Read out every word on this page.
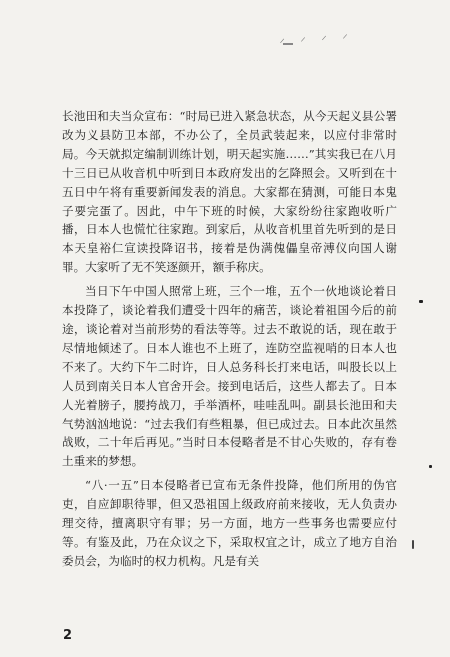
⸝ ⸝ ⸝ ⸝

长池田和夫当众宣布：“时局已进入紧急状态，从今天起义县公署改为义县防卫本部，不办公了，全员武装起来，以应付非常时局。今天就拟定编制训练计划，明天起实施……”其实我已在八月十三日已从收音机中听到日本政府发出的乞降照会。又听到在十五日中午将有重要新闻发表的消息。大家都在猜测，可能日本鬼子要完蛋了。因此，中午下班的时候，大家纷纷往家跑收听广播，日本人也慌忙往家跑。到家后，从收音机里首先听到的是日本天皇裕仁宣读投降诏书，接着是伪满傀儡皇帝溥仪向国人谢罪。大家听了无不笑逐颜开，额手称庆。

当日下午中国人照常上班，三个一堆，五个一伙地谈论着日本投降了，谈论着我们遭受十四年的痛苦，谈论着祖国今后的前途，谈论着对当前形势的看法等等。过去不敢说的话，现在敢于尽情地倾述了。日本人谁也不上班了，连防空监视哨的日本人也不来了。大约下午二时许，日人总务科长打来电话，叫股长以上人员到南关日本人官舍开会。接到电话后，这些人都去了。日本人光着膀子，腰挎战刀，手举酒杯，哇哇乱叫。副县长池田和夫气势汹汹地说：“过去我们有些粗暴，但已成过去。日本此次虽然战败，二十年后再见。”当时日本侵略者是不甘心失败的，存有卷土重来的梦想。

“八·一五”日本侵略者已宣布无条件投降，他们所用的伪官吏，自应卸职待罪，但又恐祖国上级政府前来接收，无人负责办理交待，擅离职守有罪；另一方面，地方一些事务也需要应付等。有鉴及此，乃在众议之下，采取权宜之计，成立了地方自治委员会，为临时的权力机构。凡是有关

2
